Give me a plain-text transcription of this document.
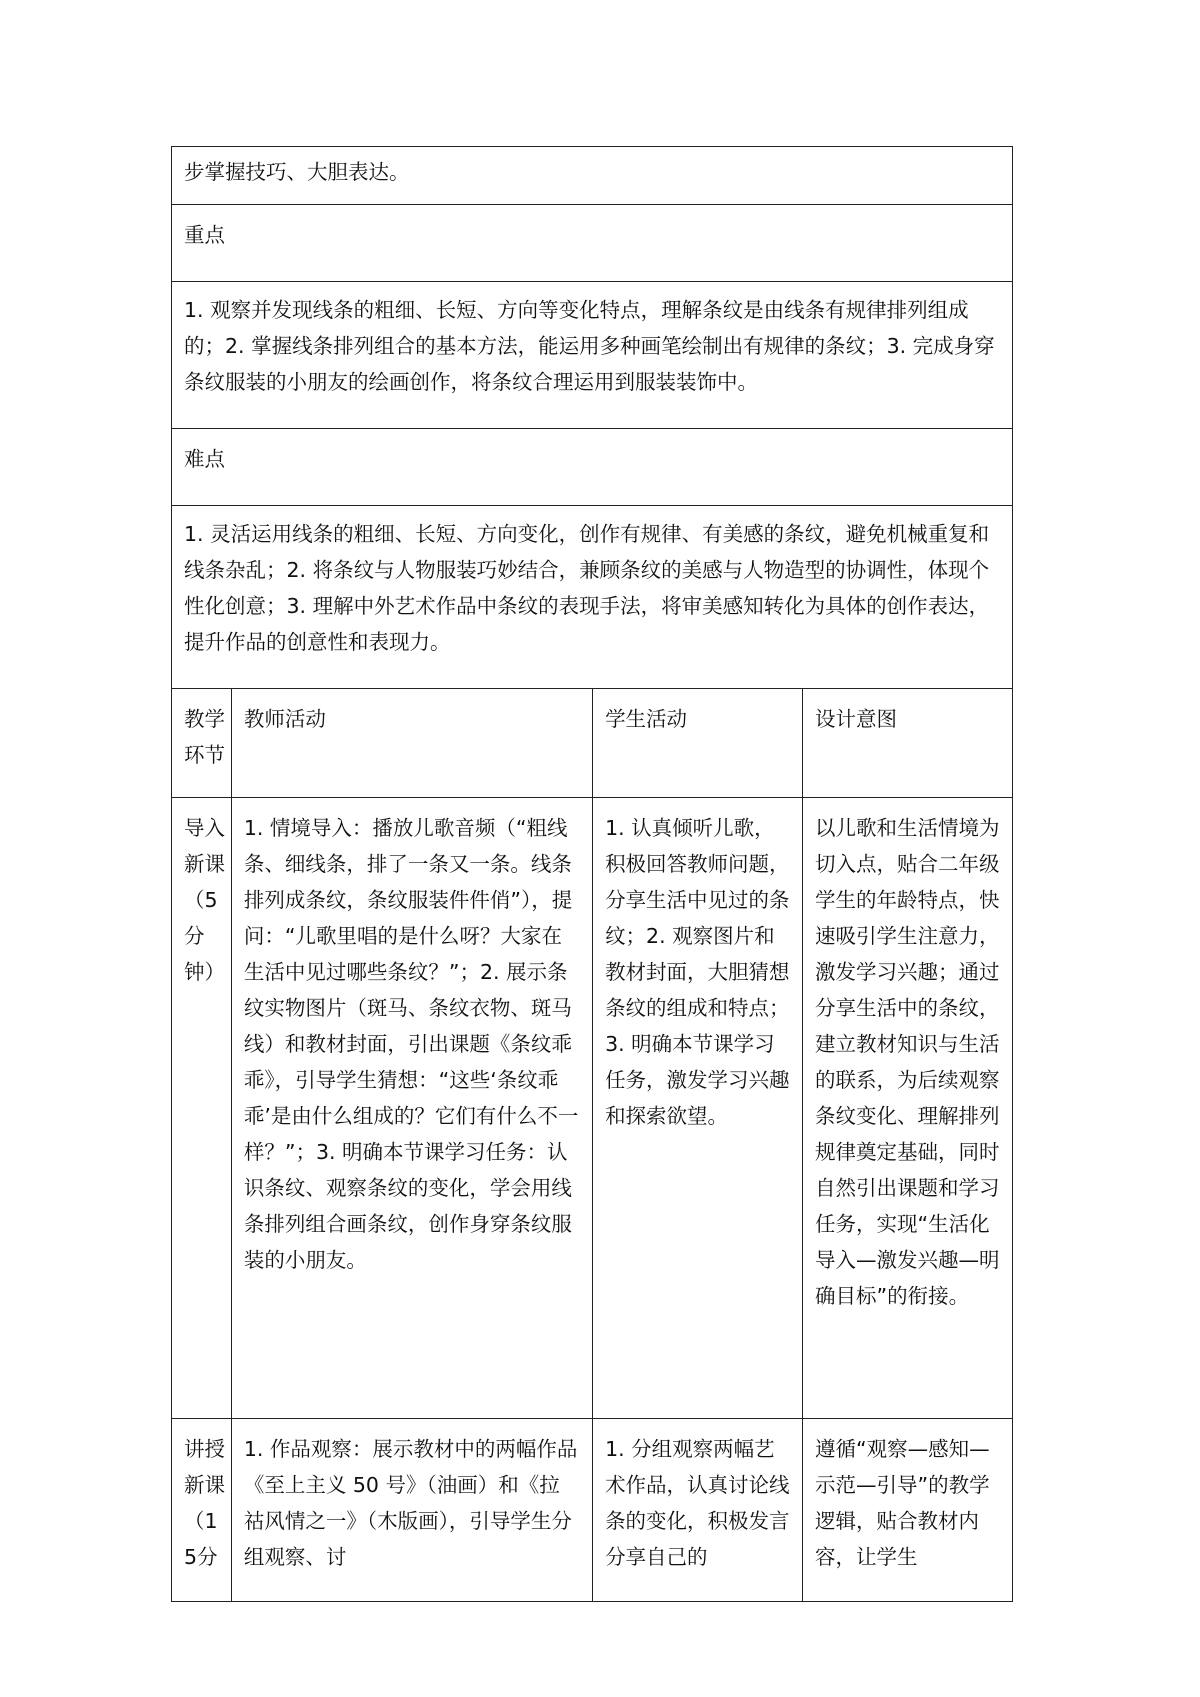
步掌握技巧、大胆表达。			
重点			
1. 观察并发现线条的粗细、长短、方向等变化特点，理解条纹是由线条有规律排列组成的；2. 掌握线条排列组合的基本方法，能运用多种画笔绘制出有规律的条纹；3. 完成身穿条纹服装的小朋友的绘画创作，将条纹合理运用到服装装饰中。			
难点			
1. 灵活运用线条的粗细、长短、方向变化，创作有规律、有美感的条纹，避免机械重复和线条杂乱；2. 将条纹与人物服装巧妙结合，兼顾条纹的美感与人物造型的协调性，体现个性化创意；3. 理解中外艺术作品中条纹的表现手法，将审美感知转化为具体的创作表达，提升作品的创意性和表现力。			
教学环节	教师活动	学生活动	设计意图
导入新课（5分钟）	1. 情境导入：播放儿歌音频（“粗线条、细线条，排了一条又一条。线条排列成条纹，条纹服装件件俏”），提问：“儿歌里唱的是什么呀？大家在生活中见过哪些条纹？”；2. 展示条纹实物图片（斑马、条纹衣物、斑马线）和教材封面，引出课题《条纹乖乖》，引导学生猜想：“这些‘条纹乖乖’是由什么组成的？它们有什么不一样？”；3. 明确本节课学习任务：认识条纹、观察条纹的变化，学会用线条排列组合画条纹，创作身穿条纹服装的小朋友。	1. 认真倾听儿歌，积极回答教师问题，分享生活中见过的条纹；2. 观察图片和教材封面，大胆猜想条纹的组成和特点；3. 明确本节课学习任务，激发学习兴趣和探索欲望。	以儿歌和生活情境为切入点，贴合二年级学生的年龄特点，快速吸引学生注意力，激发学习兴趣；通过分享生活中的条纹，建立教材知识与生活的联系，为后续观察条纹变化、理解排列规律奠定基础，同时自然引出课题和学习任务，实现“生活化导入—激发兴趣—明确目标”的衔接。
讲授新课（15分	1. 作品观察：展示教材中的两幅作品《至上主义 50 号》（油画）和《拉祜风情之一》（木版画），引导学生分组观察、讨	1. 分组观察两幅艺术作品，认真讨论线条的变化，积极发言分享自己的	遵循“观察—感知—示范—引导”的教学逻辑，贴合教材内容，让学生
